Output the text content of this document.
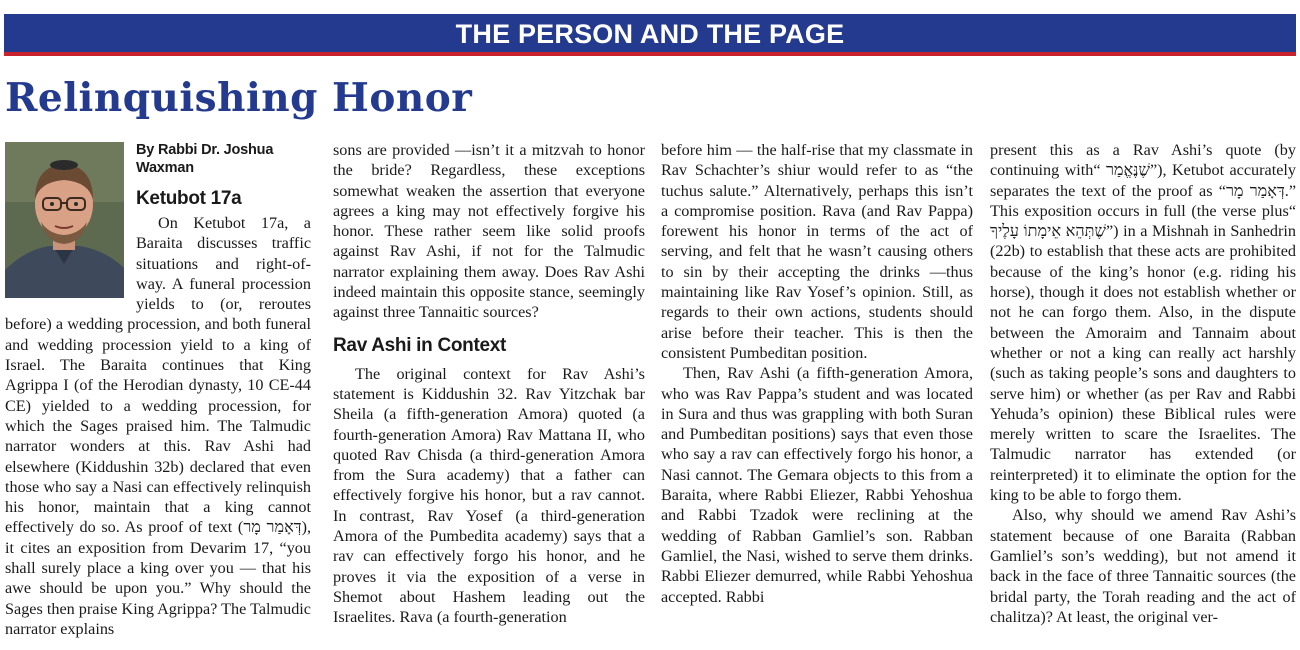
THE PERSON AND THE PAGE
Relinquishing Honor
By Rabbi Dr. Joshua Waxman
Ketubot 17a

On Ketubot 17a, a Baraita discusses traffic situations and right-of-way. A funeral procession yields to (or, reroutes before) a wedding procession, and both funeral and wedding procession yield to a king of Israel. The Baraita continues that King Agrippa I (of the Herodian dynasty, 10 CE-44 CE) yielded to a wedding procession, for which the Sages praised him. The Talmudic narrator wonders at this. Rav Ashi had elsewhere (Kiddushin 32b) declared that even those who say a Nasi can effectively relinquish his honor, maintain that a king cannot effectively do so. As proof of text (דְּאָמַר מָר), it cites an exposition from Devarim 17, “you shall surely place a king over you — that his awe should be upon you.” Why should the Sages then praise King Agrippa? The Talmudic narrator explains

sons are provided —isn’t it a mitzvah to honor the bride? Regardless, these exceptions somewhat weaken the assertion that everyone agrees a king may not effectively forgive his honor. These rather seem like solid proofs against Rav Ashi, if not for the Talmudic narrator explaining them away. Does Rav Ashi indeed maintain this opposite stance, seemingly against three Tannaitic sources?

Rav Ashi in Context

The original context for Rav Ashi’s statement is Kiddushin 32. Rav Yitzchak bar Sheila (a fifth-generation Amora) quoted (a fourth-generation Amora) Rav Mattana II, who quoted Rav Chisda (a third-generation Amora from the Sura academy) that a father can effectively forgive his honor, but a rav cannot. In contrast, Rav Yosef (a third-generation Amora of the Pumbedita academy) says that a rav can effectively forgo his honor, and he proves it via the exposition of a verse in Shemot about Hashem leading out the Israelites. Rava (a fourth-generation

before him — the half-rise that my classmate in Rav Schachter’s shiur would refer to as “the tuchus salute.” Alternatively, perhaps this isn’t a compromise position. Rava (and Rav Pappa) forewent his honor in terms of the act of serving, and felt that he wasn’t causing others to sin by their accepting the drinks —thus maintaining like Rav Yosef’s opinion. Still, as regards to their own actions, students should arise before their teacher. This is then the consistent Pumbeditan position.

Then, Rav Ashi (a fifth-generation Amora, who was Rav Pappa’s student and was located in Sura and thus was grappling with both Suran and Pumbeditan positions) says that even those who say a rav can effectively forgo his honor, a Nasi cannot. The Gemara objects to this from a Baraita, where Rabbi Eliezer, Rabbi Yehoshua and Rabbi Tzadok were reclining at the wedding of Rabban Gamliel’s son. Rabban Gamliel, the Nasi, wished to serve them drinks. Rabbi Eliezer demurred, while Rabbi Yehoshua accepted. Rabbi

present this as a Rav Ashi’s quote (by continuing with“ שֶׁנֶּאֱמַר”), Ketubot accurately separates the text of the proof as “דְּאָמַר מָר.” This exposition occurs in full (the verse plus“ שֶׁתְּהֵא אֵימָתוֹ עָלֶיךָ”) in a Mishnah in Sanhedrin (22b) to establish that these acts are prohibited because of the king’s honor (e.g. riding his horse), though it does not establish whether or not he can forgo them. Also, in the dispute between the Amoraim and Tannaim about whether or not a king can really act harshly (such as taking people’s sons and daughters to serve him) or whether (as per Rav and Rabbi Yehuda’s opinion) these Biblical rules were merely written to scare the Israelites. The Talmudic narrator has extended (or reinterpreted) it to eliminate the option for the king to be able to forgo them.

Also, why should we amend Rav Ashi’s statement because of one Baraita (Rabban Gamliel’s son’s wedding), but not amend it back in the face of three Tannaitic sources (the bridal party, the Torah reading and the act of chalitza)? At least, the original ver-
